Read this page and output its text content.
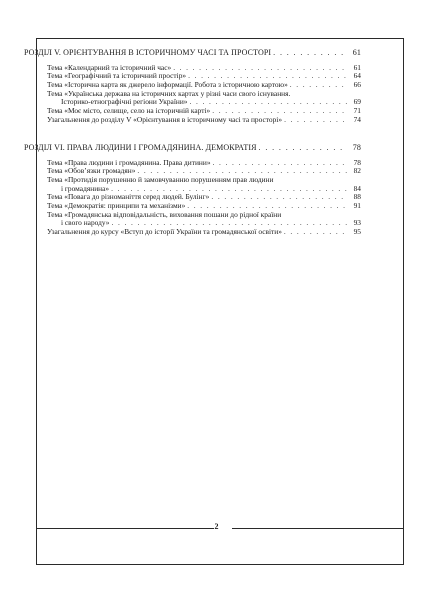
РОЗДІЛ V. ОРІЄНТУВАННЯ В ІСТОРИЧНОМУ ЧАСІ ТА ПРОСТОРІ . . .	61
Тема «Календарний та історичний час» . . .	61
Тема «Географічний та історичний простір» . . .	64
Тема «Історична карта як джерело інформації. Робота з історичною картою» . . .	66
Тема «Українська держава на історичних картах у різні часи свого існування.
Історико-етнографічні регіони України» . . .	69
Тема «Моє місто, селище, село на історичній карті» . . .	71
Узагальнення до розділу V «Орієнтування в історичному часі та просторі» . . .	74
РОЗДІЛ VI. ПРАВА ЛЮДИНИ І ГРОМАДЯНИНА. ДЕМОКРАТІЯ . . .	78
Тема «Права людини і громадянина. Права дитини» . . .	78
Тема «Обов’язки громадян» . . .	82
Тема «Протидія порушенню й замовчуванню порушенням прав людини
і громадянина» . . .	84
Тема «Повага до різноманіття серед людей. Булінг» . . .	88
Тема «Демократія: принципи та механізми» . . .	91
Тема «Громадянська відповідальність, виховання пошани до рідної країни
і свого народу» . . .	93
Узагальнення до курсу «Вступ до історії України та громадянської освіти» . . .	95
2
